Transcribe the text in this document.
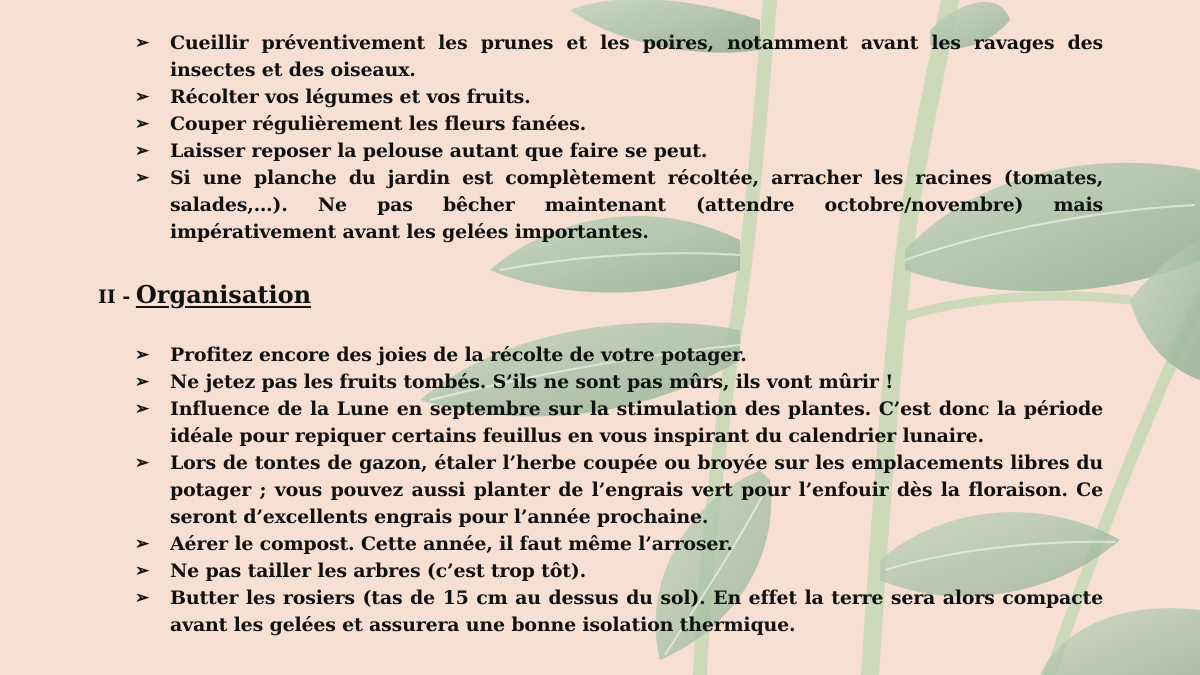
➢	Cueillir préventivement les prunes et les poires, notamment avant les ravages des insectes et des oiseaux.
➢	Récolter vos légumes et vos fruits.
➢	Couper régulièrement les fleurs fanées.
➢	Laisser reposer la pelouse autant que faire se peut.
➢	Si une planche du jardin est complètement récoltée, arracher les racines (tomates, salades,…). Ne pas bêcher maintenant (attendre octobre/novembre) mais impérativement avant les gelées importantes.
II - Organisation
➢	Profitez encore des joies de la récolte de votre potager.
➢	Ne jetez pas les fruits tombés. S’ils ne sont pas mûrs, ils vont mûrir !
➢	Influence de la Lune en septembre sur la stimulation des plantes. C’est donc la période idéale pour repiquer certains feuillus en vous inspirant du calendrier lunaire.
➢	Lors de tontes de gazon, étaler l’herbe coupée ou broyée sur les emplacements libres du potager ; vous pouvez aussi planter de l’engrais vert pour l’enfouir dès la floraison. Ce seront d’excellents engrais pour l’année prochaine.
➢	Aérer le compost. Cette année, il faut même l’arroser.
➢	Ne pas tailler les arbres (c’est trop tôt).
➢	Butter les rosiers (tas de 15 cm au dessus du sol). En effet la terre sera alors compacte avant les gelées et assurera une bonne isolation thermique.
